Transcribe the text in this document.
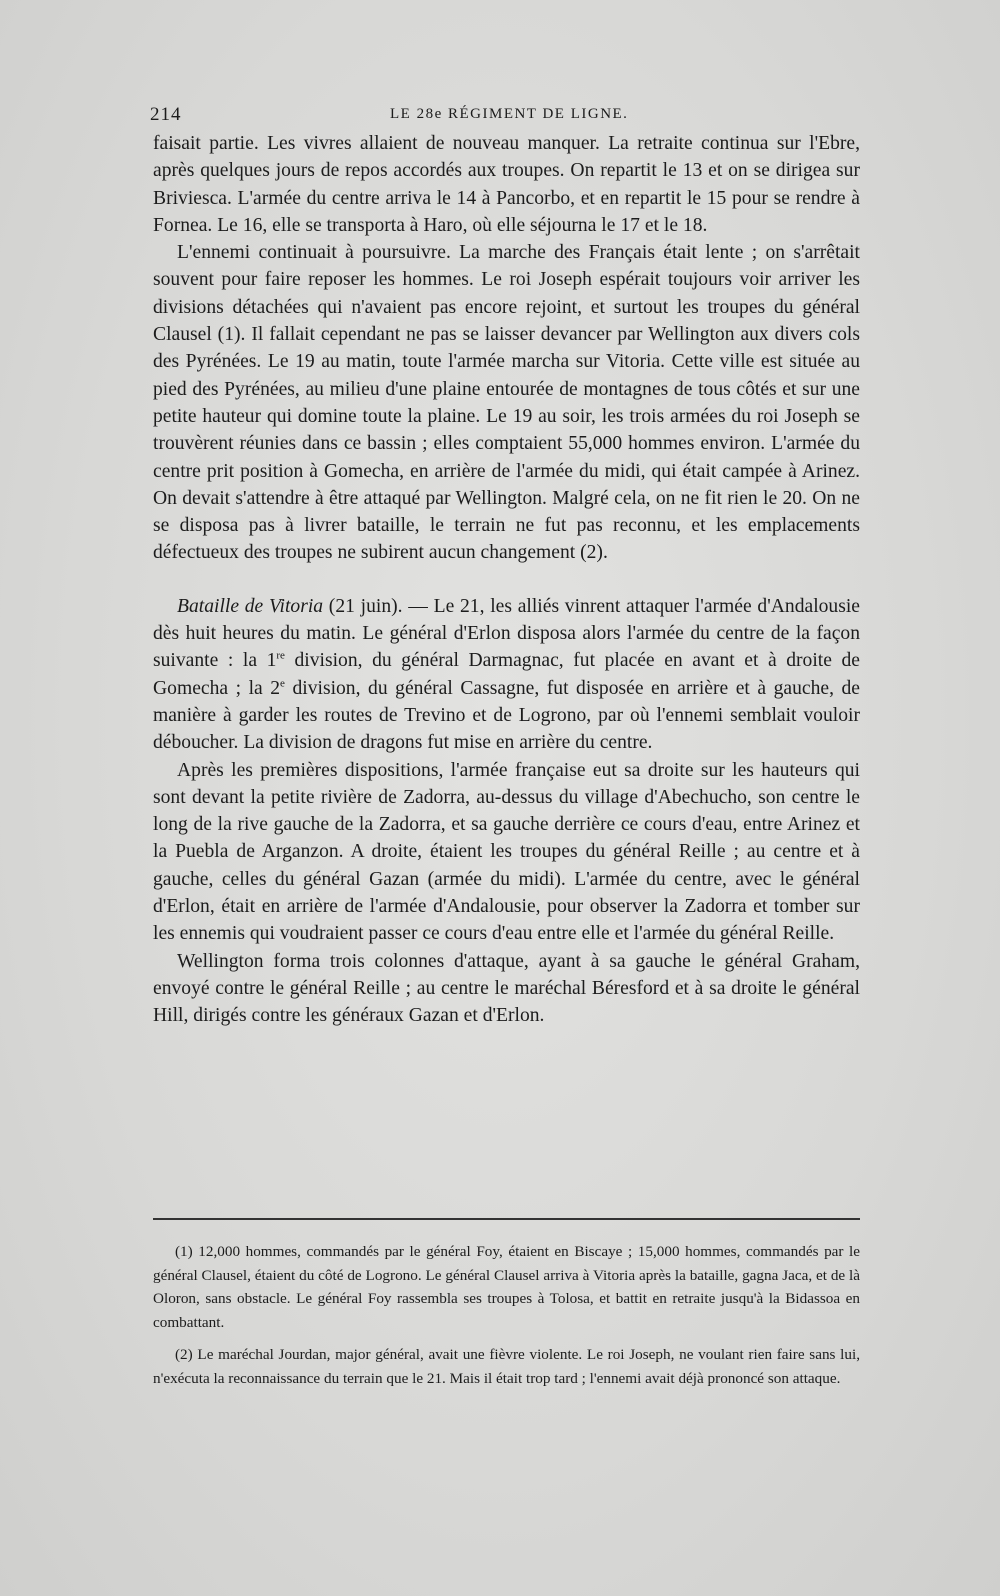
214	LE 28e RÉGIMENT DE LIGNE.

faisait partie. Les vivres allaient de nouveau manquer. La retraite continua sur l'Ebre, après quelques jours de repos accordés aux troupes. On repartit le 13 et on se dirigea sur Briviesca. L'armée du centre arriva le 14 à Pancorbo, et en repartit le 15 pour se rendre à Fornea. Le 16, elle se transporta à Haro, où elle séjourna le 17 et le 18.

L'ennemi continuait à poursuivre. La marche des Français était lente ; on s'arrêtait souvent pour faire reposer les hommes. Le roi Joseph espérait toujours voir arriver les divisions détachées qui n'avaient pas encore rejoint, et surtout les troupes du général Clausel (1). Il fallait cependant ne pas se laisser devancer par Wellington aux divers cols des Pyrénées. Le 19 au matin, toute l'armée marcha sur Vitoria. Cette ville est située au pied des Pyrénées, au milieu d'une plaine entourée de montagnes de tous côtés et sur une petite hauteur qui domine toute la plaine. Le 19 au soir, les trois armées du roi Joseph se trouvèrent réunies dans ce bassin ; elles comptaient 55,000 hommes environ. L'armée du centre prit position à Gomecha, en arrière de l'armée du midi, qui était campée à Arinez. On devait s'attendre à être attaqué par Wellington. Malgré cela, on ne fit rien le 20. On ne se disposa pas à livrer bataille, le terrain ne fut pas reconnu, et les emplacements défectueux des troupes ne subirent aucun changement (2).

Bataille de Vitoria (21 juin). — Le 21, les alliés vinrent attaquer l'armée d'Andalousie dès huit heures du matin. Le général d'Erlon disposa alors l'armée du centre de la façon suivante : la 1re division, du général Darmagnac, fut placée en avant et à droite de Gomecha ; la 2e division, du général Cassagne, fut disposée en arrière et à gauche, de manière à garder les routes de Trevino et de Logrono, par où l'ennemi semblait vouloir déboucher. La division de dragons fut mise en arrière du centre.

Après les premières dispositions, l'armée française eut sa droite sur les hauteurs qui sont devant la petite rivière de Zadorra, au-dessus du village d'Abechucho, son centre le long de la rive gauche de la Zadorra, et sa gauche derrière ce cours d'eau, entre Arinez et la Puebla de Arganzon. A droite, étaient les troupes du général Reille ; au centre et à gauche, celles du général Gazan (armée du midi). L'armée du centre, avec le général d'Erlon, était en arrière de l'armée d'Andalousie, pour observer la Zadorra et tomber sur les ennemis qui voudraient passer ce cours d'eau entre elle et l'armée du général Reille.

Wellington forma trois colonnes d'attaque, ayant à sa gauche le général Graham, envoyé contre le général Reille ; au centre le maréchal Béresford et à sa droite le général Hill, dirigés contre les généraux Gazan et d'Erlon.

(1) 12,000 hommes, commandés par le général Foy, étaient en Biscaye ; 15,000 hommes, commandés par le général Clausel, étaient du côté de Logrono. Le général Clausel arriva à Vitoria après la bataille, gagna Jaca, et de là Oloron, sans obstacle. Le général Foy rassembla ses troupes à Tolosa, et battit en retraite jusqu'à la Bidassoa en combattant.

(2) Le maréchal Jourdan, major général, avait une fièvre violente. Le roi Joseph, ne voulant rien faire sans lui, n'exécuta la reconnaissance du terrain que le 21. Mais il était trop tard ; l'ennemi avait déjà prononcé son attaque.
